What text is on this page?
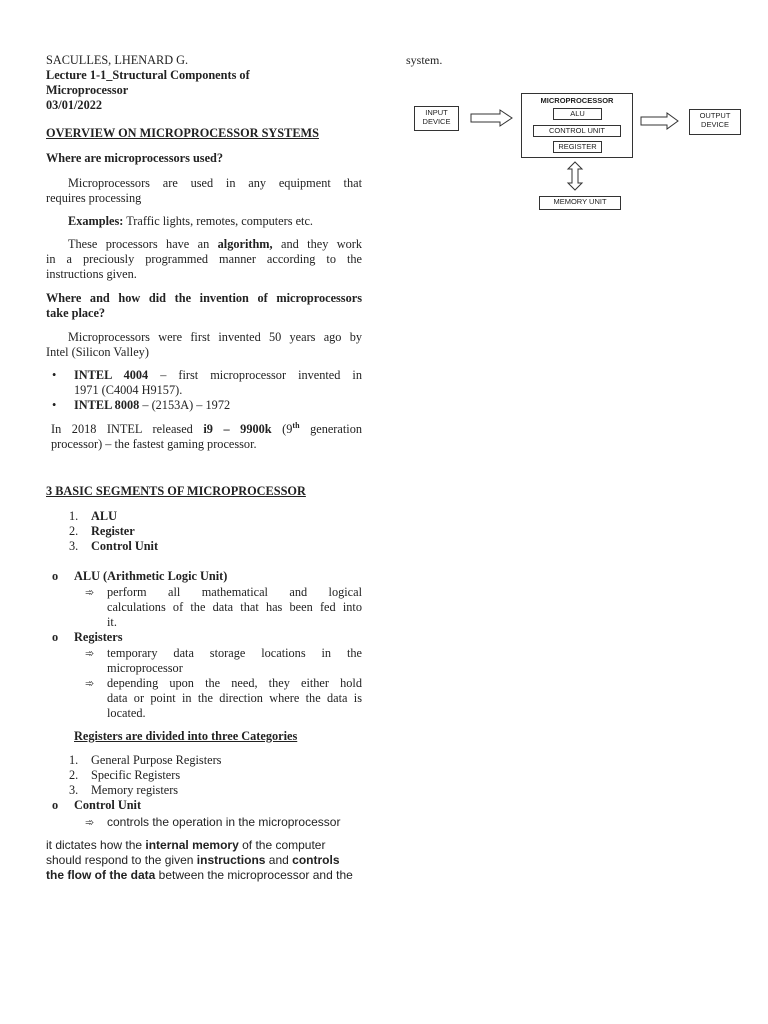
SACULLES, LHENARD G.

Lecture 1-1_Structural Components of
Microprocessor

03/01/2022

OVERVIEW ON MICROPROCESSOR SYSTEMS

Where are microprocessors used?

Microprocessors are used in any equipment that

requires processing

Examples: Traffic lights, remotes, computers etc.

These processors have an algorithm, and they work

in a preciously programmed manner according to the

instructions given.

Where and how did the invention of microprocessors

take place?

Microprocessors were first invented 50 years ago by

Intel (Silicon Valley)

• INTEL 4004 – first microprocessor invented in
1971 (C4004 H9157).
• INTEL 8008 – (2153A) – 1972

In 2018 INTEL released i9 – 9900k (9th generation

processor) – the fastest gaming processor.

3 BASIC SEGMENTS OF MICROPROCESSOR

1. ALU
2. Register
3. Control Unit
o ALU (Arithmetic Logic Unit)
➾ perform all mathematical and logical
calculations of the data that has been fed into
it.
o Registers
➾ temporary data storage locations in the
microprocessor
➾ depending upon the need, they either hold
data or point in the direction where the data is
located.

Registers are divided into three Categories

1. General Purpose Registers
2. Specific Registers
3. Memory registers
o Control Unit
➾ controls the operation in the microprocessor
it dictates how the internal memory of the computer
should respond to the given instructions and controls
the flow of the data between the microprocessor and the

system.

INPUT
DEVICE
MICROPROCESSOR
ALU
CONTROL UNIT
REGISTER
OUTPUT
DEVICE
MEMORY UNIT
